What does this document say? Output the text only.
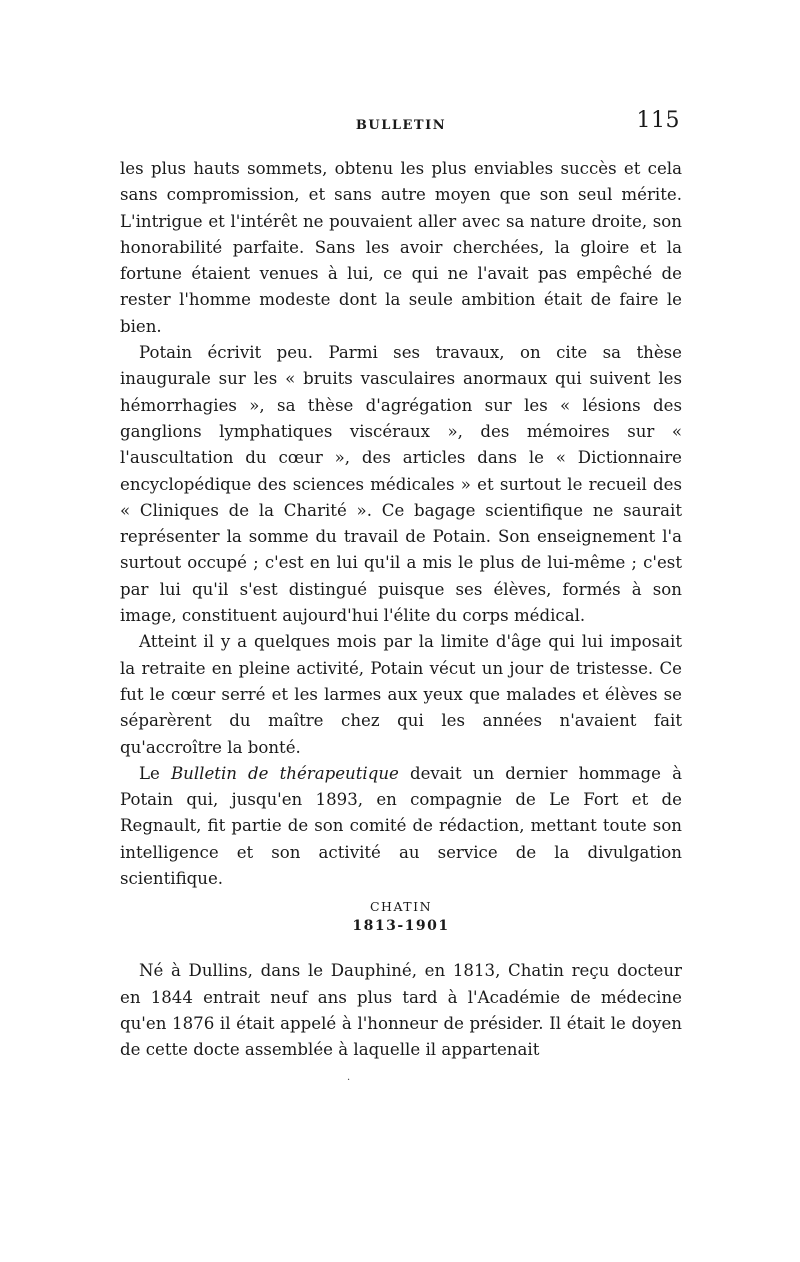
BULLETIN	115

les plus hauts sommets, obtenu les plus enviables succès et cela sans compromission, et sans autre moyen que son seul mérite. L'intrigue et l'intérêt ne pouvaient aller avec sa nature droite, son honorabilité parfaite. Sans les avoir cherchées, la gloire et la fortune étaient venues à lui, ce qui ne l'avait pas empêché de rester l'homme modeste dont la seule ambition était de faire le bien.

Potain écrivit peu. Parmi ses travaux, on cite sa thèse inaugurale sur les « bruits vasculaires anormaux qui suivent les hémorrhagies », sa thèse d'agrégation sur les « lésions des ganglions lymphatiques viscéraux », des mémoires sur « l'auscultation du cœur », des articles dans le « Dictionnaire encyclopédique des sciences médicales » et surtout le recueil des « Cliniques de la Charité ». Ce bagage scientifique ne saurait représenter la somme du travail de Potain. Son enseignement l'a surtout occupé ; c'est en lui qu'il a mis le plus de lui-même ; c'est par lui qu'il s'est distingué puisque ses élèves, formés à son image, constituent aujourd'hui l'élite du corps médical.

Atteint il y a quelques mois par la limite d'âge qui lui imposait la retraite en pleine activité, Potain vécut un jour de tristesse. Ce fut le cœur serré et les larmes aux yeux que malades et élèves se séparèrent du maître chez qui les années n'avaient fait qu'accroître la bonté.

Le Bulletin de thérapeutique devait un dernier hommage à Potain qui, jusqu'en 1893, en compagnie de Le Fort et de Regnault, fit partie de son comité de rédaction, mettant toute son intelligence et son activité au service de la divulgation scientifique.

CHATIN
1813-1901

Né à Dullins, dans le Dauphiné, en 1813, Chatin reçu docteur en 1844 entrait neuf ans plus tard à l'Académie de médecine qu'en 1876 il était appelé à l'honneur de présider. Il était le doyen de cette docte assemblée à laquelle il appartenait

·
